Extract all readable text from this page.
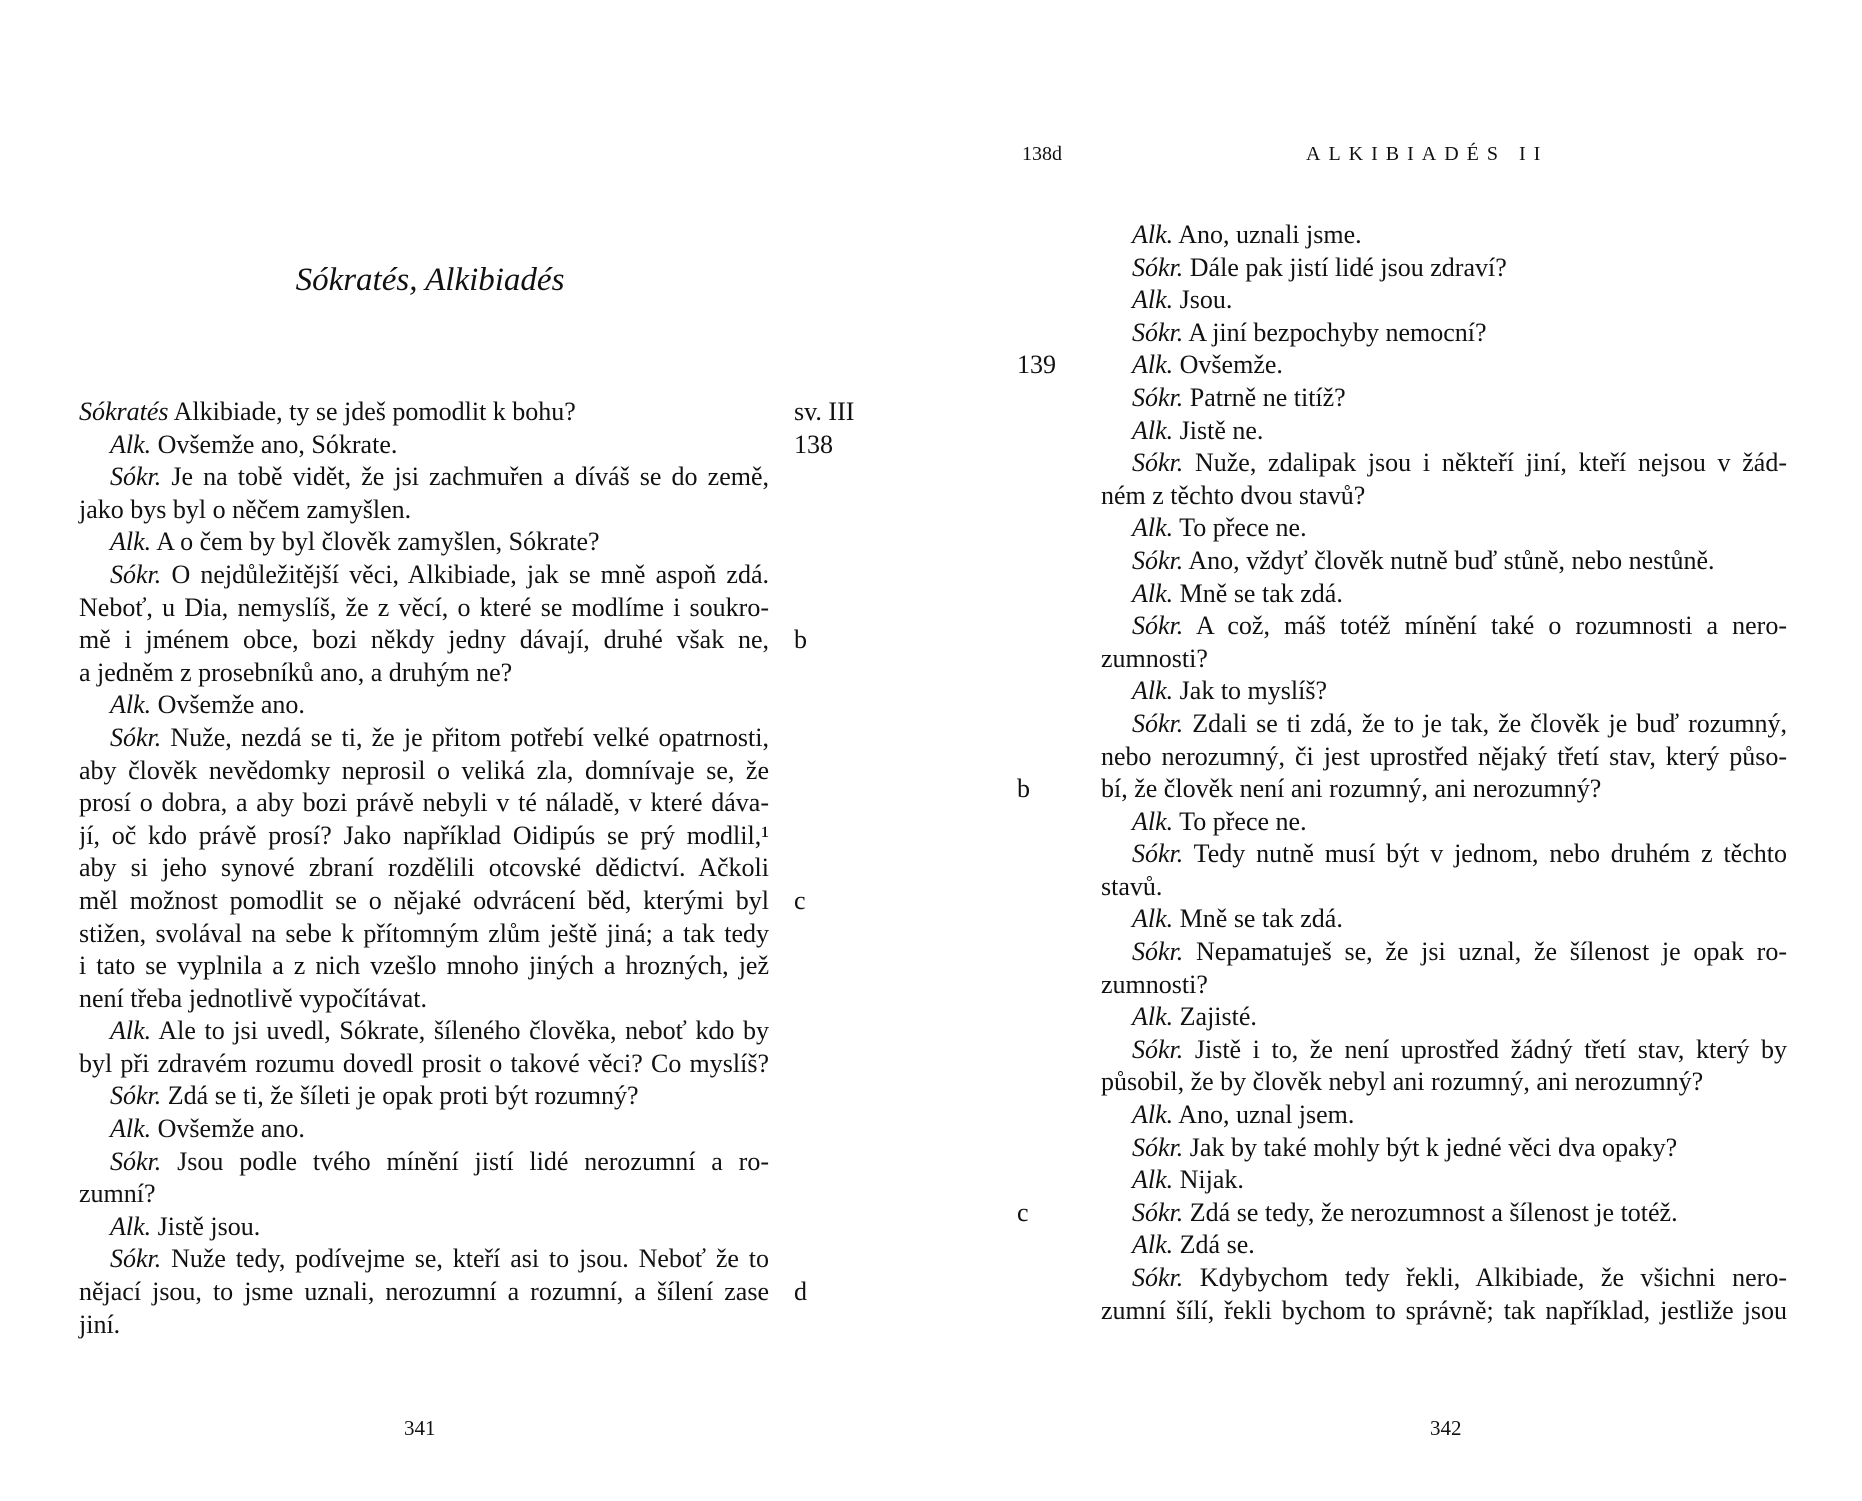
Sókratés, Alkibiadés
Sókratés Alkibiade, ty se jdeš pomodlit k bohu?
Alk. Ovšemže ano, Sókrate.
Sókr. Je na tobě vidět, že jsi zachmuřen a díváš se do země,
jako bys byl o něčem zamyšlen.
Alk. A o čem by byl člověk zamyšlen, Sókrate?
Sókr. O nejdůležitější věci, Alkibiade, jak se mně aspoň zdá.
Neboť, u Dia, nemyslíš, že z věcí, o které se modlíme i soukro-
mě i jménem obce, bozi někdy jedny dávají, druhé však ne,
a jedněm z prosebníků ano, a druhým ne?
Alk. Ovšemže ano.
Sókr. Nuže, nezdá se ti, že je přitom potřebí velké opatrnosti,
aby člověk nevědomky neprosil o veliká zla, domnívaje se, že
prosí o dobra, a aby bozi právě nebyli v té náladě, v které dáva-
jí, oč kdo právě prosí? Jako například Oidipús se prý modlil,¹
aby si jeho synové zbraní rozdělili otcovské dědictví. Ačkoli
měl možnost pomodlit se o nějaké odvrácení běd, kterými byl
stižen, svolával na sebe k přítomným zlům ještě jiná; a tak tedy
i tato se vyplnila a z nich vzešlo mnoho jiných a hrozných, jež
není třeba jednotlivě vypočítávat.
Alk. Ale to jsi uvedl, Sókrate, šíleného člověka, neboť kdo by
byl při zdravém rozumu dovedl prosit o takové věci? Co myslíš?
Sókr. Zdá se ti, že šíleti je opak proti být rozumný?
Alk. Ovšemže ano.
Sókr. Jsou podle tvého mínění jistí lidé nerozumní a ro-
zumní?
Alk. Jistě jsou.
Sókr. Nuže tedy, podívejme se, kteří asi to jsou. Neboť že to
nějací jsou, to jsme uznali, nerozumní a rozumní, a šílení zase
jiní.
sv. III
138
b
c
d
341
138d	ALKIBIADÉS II
Alk. Ano, uznali jsme.
Sókr. Dále pak jistí lidé jsou zdraví?
Alk. Jsou.
Sókr. A jiní bezpochyby nemocní?
Alk. Ovšemže.
Sókr. Patrně ne titíž?
Alk. Jistě ne.
Sókr. Nuže, zdalipak jsou i někteří jiní, kteří nejsou v žád-
ném z těchto dvou stavů?
Alk. To přece ne.
Sókr. Ano, vždyť člověk nutně buď stůně, nebo nestůně.
Alk. Mně se tak zdá.
Sókr. A což, máš totéž mínění také o rozumnosti a nero-
zumnosti?
Alk. Jak to myslíš?
Sókr. Zdali se ti zdá, že to je tak, že člověk je buď rozumný,
nebo nerozumný, či jest uprostřed nějaký třetí stav, který půso-
bí, že člověk není ani rozumný, ani nerozumný?
Alk. To přece ne.
Sókr. Tedy nutně musí být v jednom, nebo druhém z těchto
stavů.
Alk. Mně se tak zdá.
Sókr. Nepamatuješ se, že jsi uznal, že šílenost je opak ro-
zumnosti?
Alk. Zajisté.
Sókr. Jistě i to, že není uprostřed žádný třetí stav, který by
působil, že by člověk nebyl ani rozumný, ani nerozumný?
Alk. Ano, uznal jsem.
Sókr. Jak by také mohly být k jedné věci dva opaky?
Alk. Nijak.
Sókr. Zdá se tedy, že nerozumnost a šílenost je totéž.
Alk. Zdá se.
Sókr. Kdybychom tedy řekli, Alkibiade, že všichni nero-
zumní šílí, řekli bychom to správně; tak například, jestliže jsou
139
b
c
342
